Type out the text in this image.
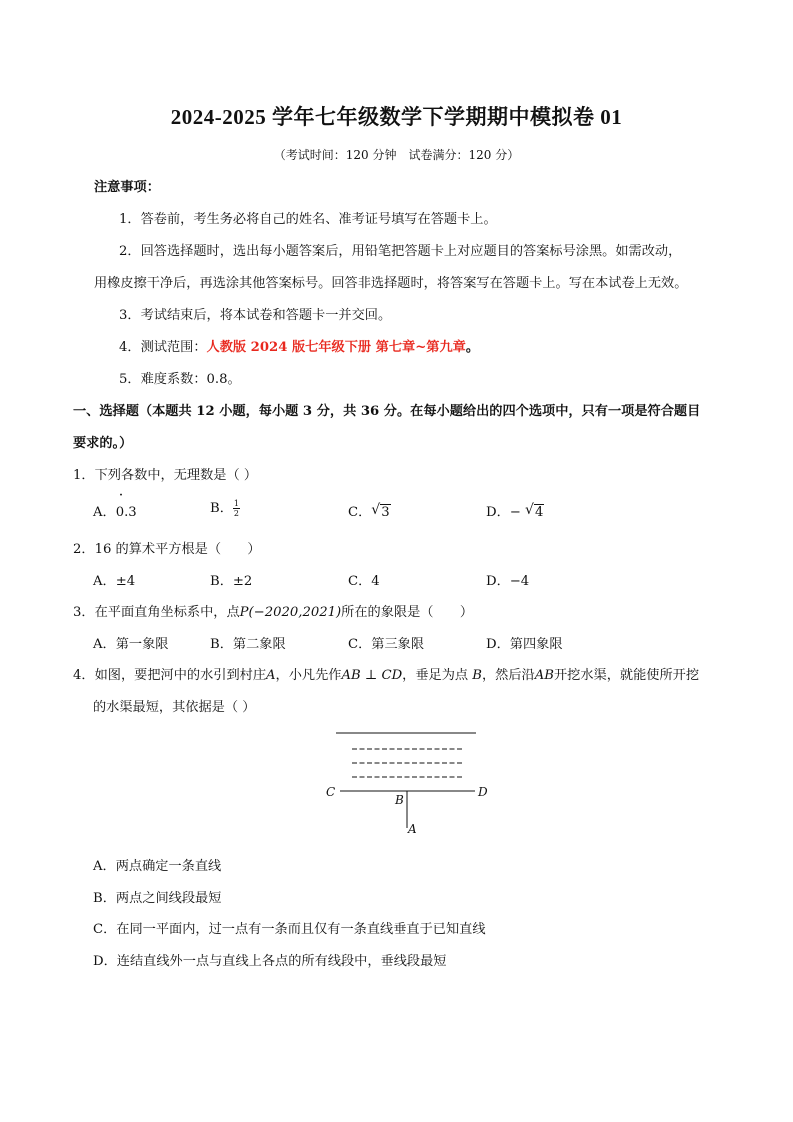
2024-2025 学年七年级数学下学期期中模拟卷 01
（考试时间：120 分钟　试卷满分：120 分）
注意事项：
1．答卷前，考生务必将自己的姓名、准考证号填写在答题卡上。
2．回答选择题时，选出每小题答案后，用铅笔把答题卡上对应题目的答案标号涂黑。如需改动，
用橡皮擦干净后，再选涂其他答案标号。回答非选择题时，将答案写在答题卡上。写在本试卷上无效。
3．考试结束后，将本试卷和答题卡一并交回。
4．测试范围：人教版 2024 版七年级下册 第七章~第九章。
5．难度系数：0.8。
一、选择题（本题共 12 小题，每小题 3 分，共 36 分。在每小题给出的四个选项中，只有一项是符合题目
要求的。）
1．下列各数中，无理数是（ ）
A．
˙
0.3	B． $\frac{1}{2}$	C． √ 3	D．− √ 4
2．16 的算术平方根是（　　）
A．±4	B．±2	C．4	D．−4
3．在平面直角坐标系中，点P(−2020,2021)所在的象限是（　　）
A．第一象限	B．第二象限	C．第三象限	D．第四象限
4．如图，要把河中的水引到村庄A，小凡先作AB ⊥ CD，垂足为点 B，然后沿AB开挖水渠，就能使所开挖
的水渠最短，其依据是（ ）
C	D
B
A
A．两点确定一条直线
B．两点之间线段最短
C．在同一平面内，过一点有一条而且仅有一条直线垂直于已知直线
D．连结直线外一点与直线上各点的所有线段中，垂线段最短
